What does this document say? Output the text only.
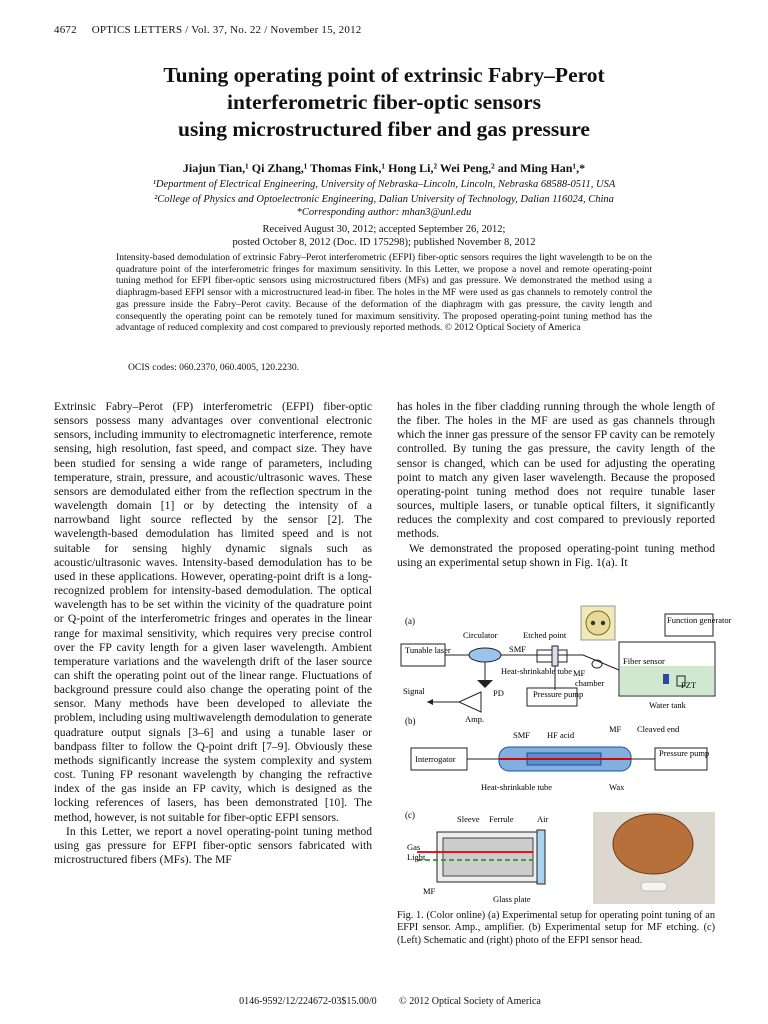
4672 OPTICS LETTERS / Vol. 37, No. 22 / November 15, 2012
Tuning operating point of extrinsic Fabry–Perot
interferometric fiber-optic sensors
using microstructured fiber and gas pressure
Jiajun Tian,¹ Qi Zhang,¹ Thomas Fink,¹ Hong Li,² Wei Peng,² and Ming Han¹,*
¹Department of Electrical Engineering, University of Nebraska–Lincoln, Lincoln, Nebraska 68588-0511, USA
²College of Physics and Optoelectronic Engineering, Dalian University of Technology, Dalian 116024, China
*Corresponding author: mhan3@unl.edu
Received August 30, 2012; accepted September 26, 2012;
posted October 8, 2012 (Doc. ID 175298); published November 8, 2012
Intensity-based demodulation of extrinsic Fabry–Perot interferometric (EFPI) fiber-optic sensors requires the light wavelength to be on the quadrature point of the interferometric fringes for maximum sensitivity. In this Letter, we propose a novel and remote operating-point tuning method for EFPI fiber-optic sensors using microstructured fibers (MFs) and gas pressure. We demonstrated the method using a diaphragm-based EFPI sensor with a microstructured lead-in fiber. The holes in the MF were used as gas channels to remotely control the gas pressure inside the Fabry–Perot cavity. Because of the deformation of the diaphragm with gas pressure, the cavity length and consequently the operating point can be remotely tuned for maximum sensitivity. The proposed operating-point tuning method has the advantage of reduced complexity and cost compared to previously reported methods. © 2012 Optical Society of America
OCIS codes: 060.2370, 060.4005, 120.2230.

Extrinsic Fabry–Perot (FP) interferometric (EFPI) fiber-optic sensors possess many advantages over conventional electronic sensors, including immunity to electromagnetic interference, remote sensing, high resolution, fast speed, and compact size. They have been studied for sensing a wide range of parameters, including temperature, strain, pressure, and acoustic/ultrasonic waves. These sensors are demodulated either from the reflection spectrum in the wavelength domain [1] or by detecting the intensity of a narrowband light source reflected by the sensor [2]. The wavelength-based demodulation has limited speed and is not suitable for sensing highly dynamic signals such as acoustic/ultrasonic waves. Intensity-based demodulation has to be used in these applications. However, operating-point drift is a long-recognized problem for intensity-based demodulation. The optical wavelength has to be set within the vicinity of the quadrature point or Q-point of the interferometric fringes and operates in the linear range for maximal sensitivity, which requires very precise control over the FP cavity length for a given laser wavelength. Ambient temperature variations and the wavelength drift of the laser source can shift the operating point out of the linear range. Fluctuations of background pressure could also change the operating point of the sensor. Many methods have been developed to alleviate the problem, including using multiwavelength demodulation to generate quadrature output signals [3–6] and using a tunable laser or bandpass filter to follow the Q-point drift [7–9]. Obviously these methods significantly increase the system complexity and system cost. Tuning FP resonant wavelength by changing the refractive index of the gas inside an FP cavity, which is designed as the locking references of lasers, has been demonstrated [10]. The method, however, is not suitable for fiber-optic EFPI sensors.

In this Letter, we report a novel operating-point tuning method using gas pressure for EFPI fiber-optic sensors fabricated with microstructured fibers (MFs). The MF

has holes in the fiber cladding running through the whole length of the fiber. The holes in the MF are used as gas channels through which the inner gas pressure of the sensor FP cavity can be remotely controlled. By tuning the gas pressure, the cavity length of the sensor is changed, which can be used for adjusting the operating point to match any given laser wavelength. Because the proposed operating-point tuning method does not require tunable laser sources, multiple lasers, or tunable optical filters, it significantly reduces the complexity and cost compared to previously reported methods.

We demonstrated the proposed operating-point tuning method using an experimental setup shown in Fig. 1(a). It

(a)
Tunable laser
Circulator	Etched point
SMF
Heat-shrinkable tube MF
chamber
Pressure pump
PD
Amp.
Signal
Function generator
Fiber sensor
PZT
Water tank
(b)
Interrogator
SMF HF acid
MF Cleaved end
Pressure pump
Heat-shrinkable tube	Wax
(c)	Sleeve Ferrule	Air
Gas
Light
MF
Glass plate
Fig. 1. (Color online) (a) Experimental setup for operating point tuning of an EFPI sensor. Amp., amplifier. (b) Experimental setup for MF etching. (c) (Left) Schematic and (right) photo of the EFPI sensor head.
0146-9592/12/224672-03$15.00/0 © 2012 Optical Society of America
